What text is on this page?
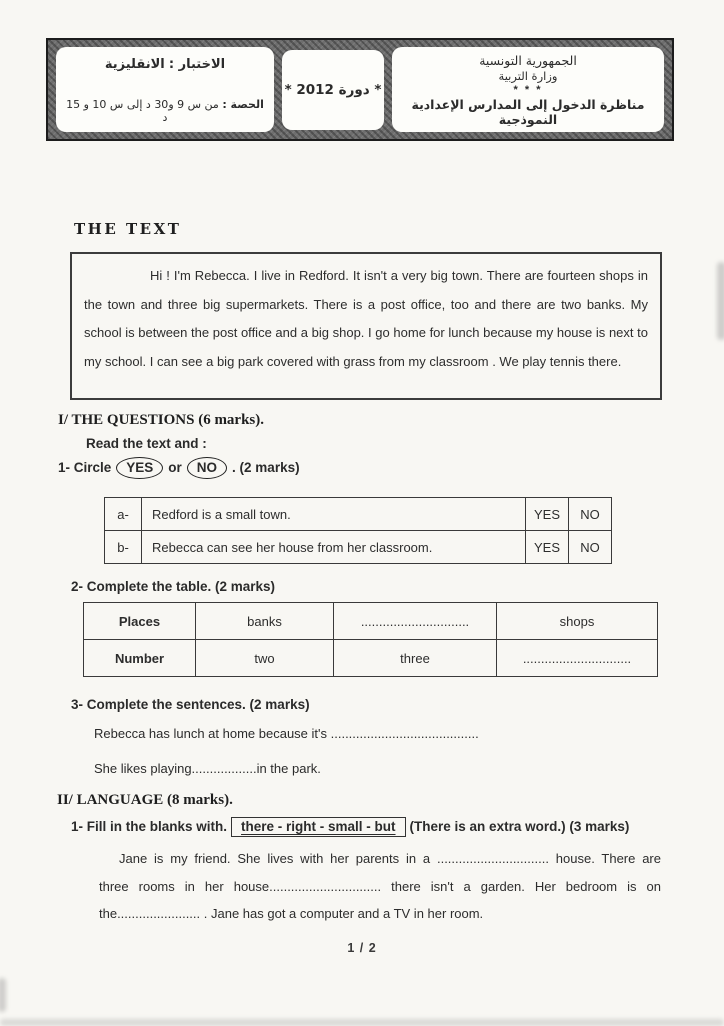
الاختبار : الانقليزية
الحصة : من س 9 و30 د إلى س 10 و 15 د
* دورة 2012 *
الجمهورية التونسية
وزارة التربية
* * *
مناظرة الدخول إلى المدارس الإعدادية النموذجية
THE TEXT

Hi ! I'm Rebecca. I live in Redford. It isn't a very big town. There are fourteen shops in the town and three big supermarkets. There is a post office, too and there are two banks. My school is between the post office and a big shop. I go home for lunch because my house is next to my school. I can see a big park covered with grass from my classroom . We play tennis there.

I/ THE QUESTIONS (6 marks).
Read the text and :
1- Circle YES or NO . (2 marks)
a-	Redford is a small town.	YES	NO
b-	Rebecca can see her house from her classroom.	YES	NO
2- Complete the table. (2 marks)
Places	banks	..............................	shops
Number	two	three	..............................
3- Complete the sentences. (2 marks)
Rebecca has lunch at home because it's .........................................
She likes playing..................in the park.
II/ LANGUAGE (8 marks).
1- Fill in the blanks with. there - right - small - but (There is an extra word.) (3 marks)
Jane is my friend. She lives with her parents in a ............................... house. There are
three rooms in her house............................... there isn't a garden. Her bedroom is on
the....................... . Jane has got a computer and a TV in her room.
1 / 2
